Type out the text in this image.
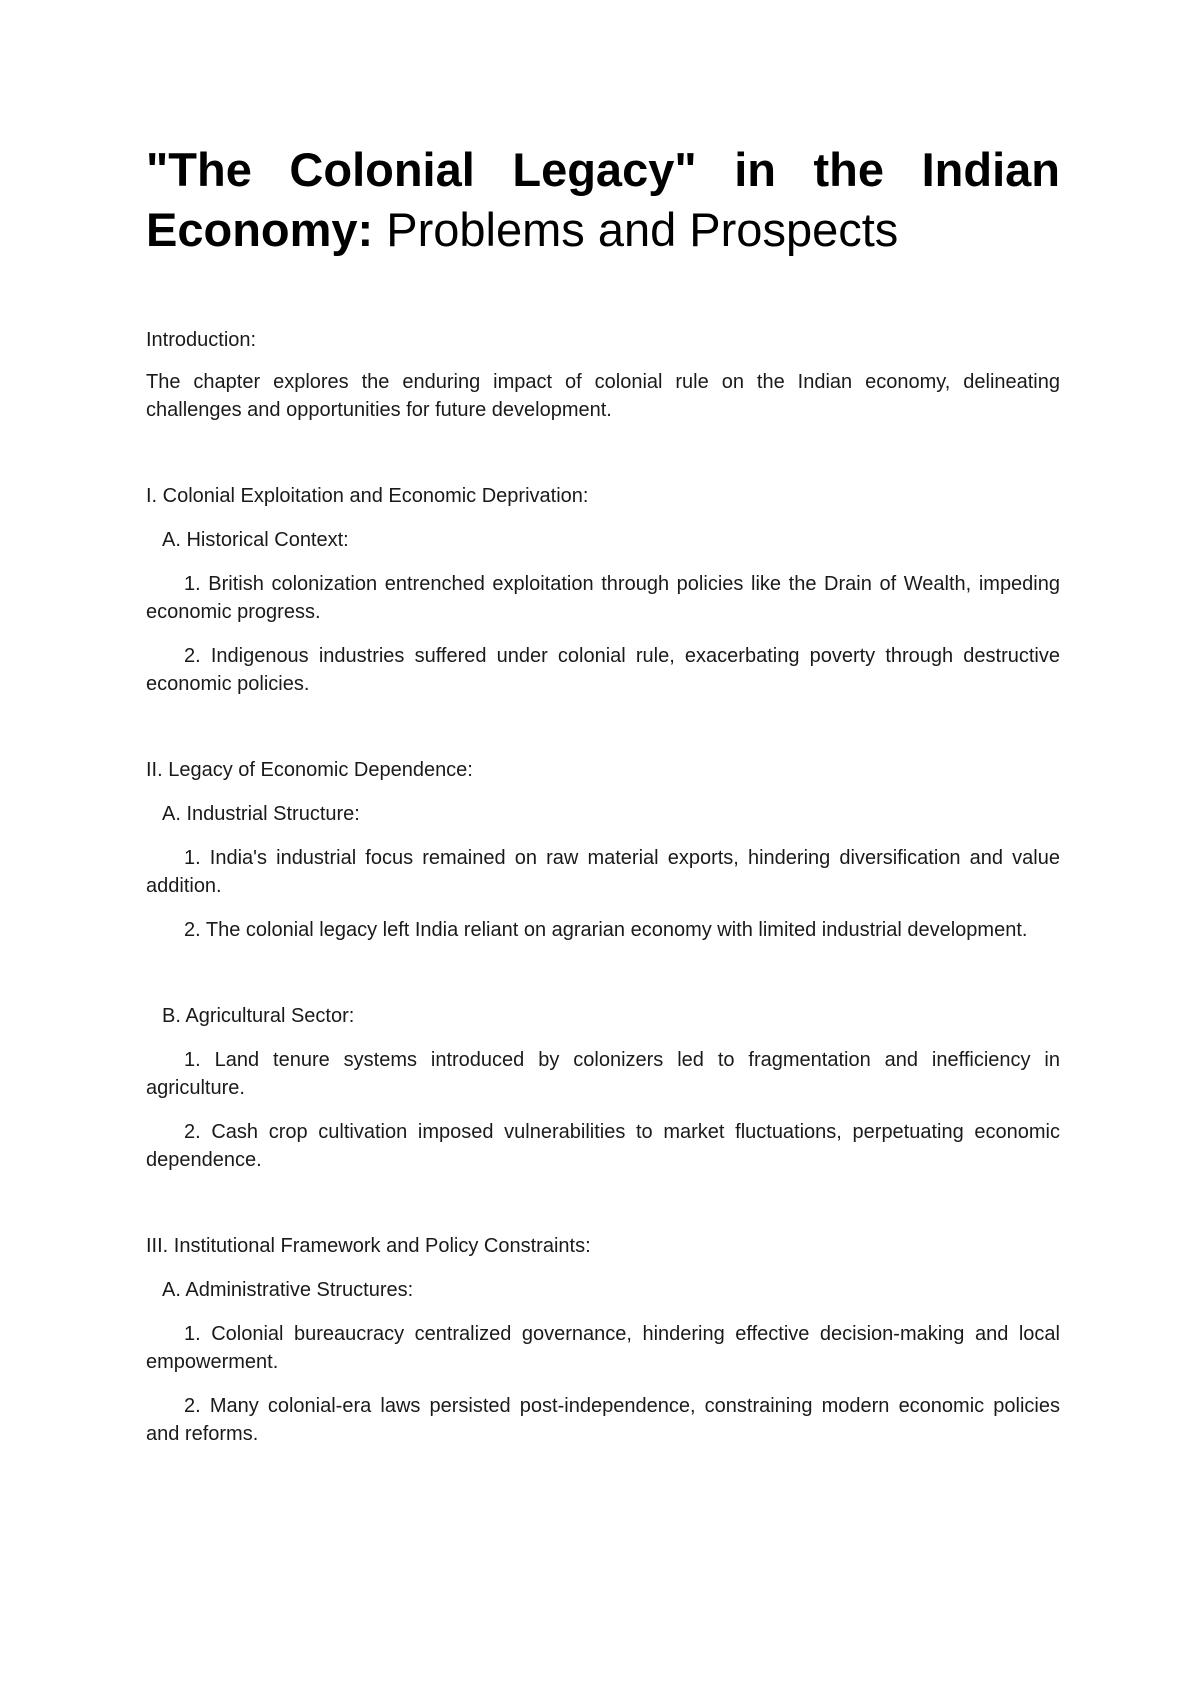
"The Colonial Legacy" in the Indian Economy: Problems and Prospects

Introduction:

The chapter explores the enduring impact of colonial rule on the Indian economy, delineating challenges and opportunities for future development.

I. Colonial Exploitation and Economic Deprivation:

A. Historical Context:

1. British colonization entrenched exploitation through policies like the Drain of Wealth, impeding economic progress.

2. Indigenous industries suffered under colonial rule, exacerbating poverty through destructive economic policies.

II. Legacy of Economic Dependence:

A. Industrial Structure:

1. India's industrial focus remained on raw material exports, hindering diversification and value addition.

2. The colonial legacy left India reliant on agrarian economy with limited industrial development.

B. Agricultural Sector:

1. Land tenure systems introduced by colonizers led to fragmentation and inefficiency in agriculture.

2. Cash crop cultivation imposed vulnerabilities to market fluctuations, perpetuating economic dependence.

III. Institutional Framework and Policy Constraints:

A. Administrative Structures:

1. Colonial bureaucracy centralized governance, hindering effective decision-making and local empowerment.

2. Many colonial-era laws persisted post-independence, constraining modern economic policies and reforms.
